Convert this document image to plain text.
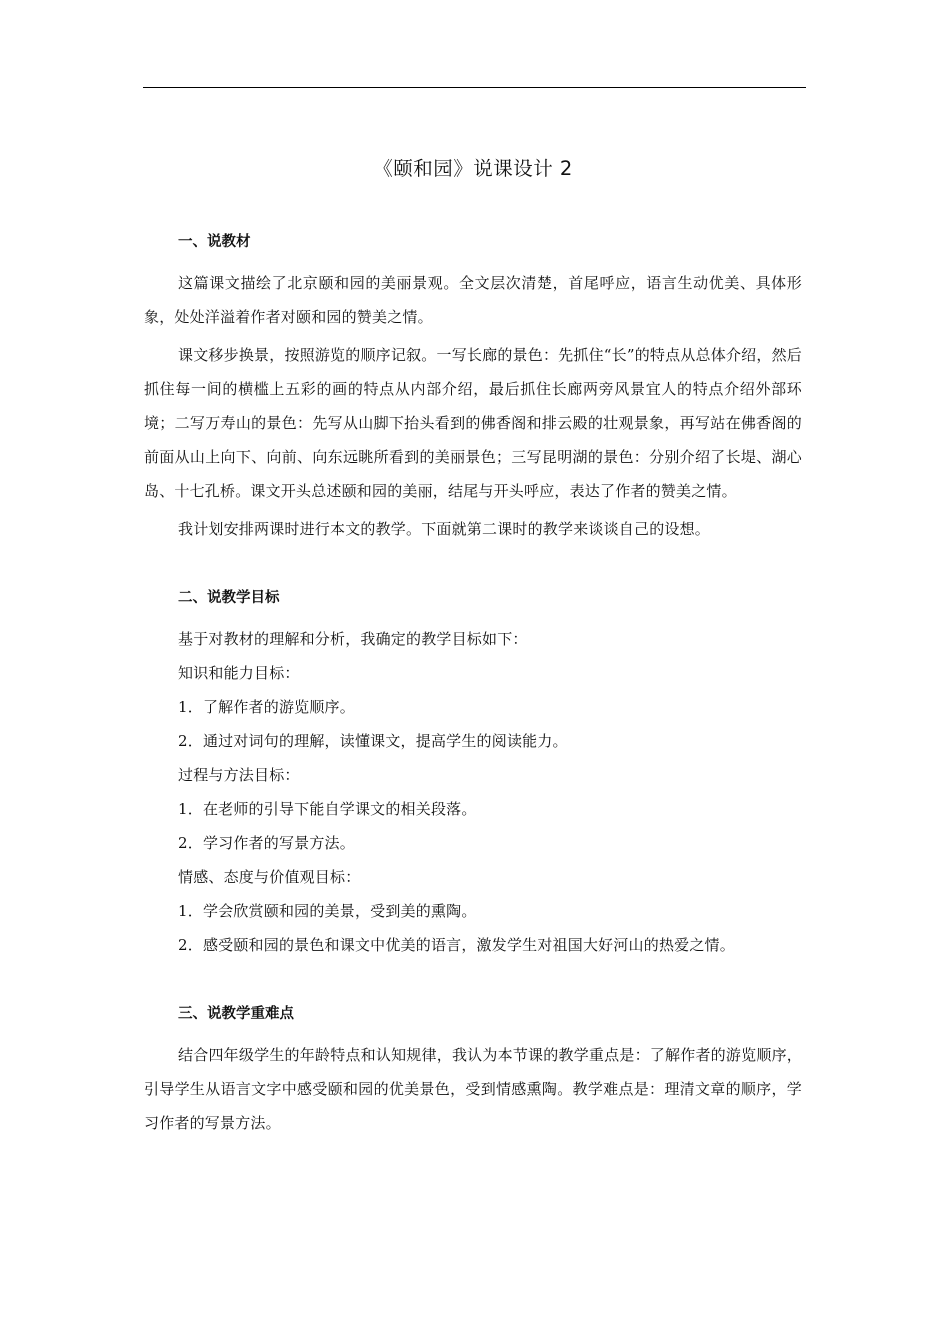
《颐和园》说课设计 2
一、说教材

这篇课文描绘了北京颐和园的美丽景观。全文层次清楚，首尾呼应，语言生动优美、具体形象，处处洋溢着作者对颐和园的赞美之情。

课文移步换景，按照游览的顺序记叙。一写长廊的景色：先抓住“长”的特点从总体介绍，然后抓住每一间的横槛上五彩的画的特点从内部介绍，最后抓住长廊两旁风景宜人的特点介绍外部环境；二写万寿山的景色：先写从山脚下抬头看到的佛香阁和排云殿的壮观景象，再写站在佛香阁的前面从山上向下、向前、向东远眺所看到的美丽景色；三写昆明湖的景色：分别介绍了长堤、湖心岛、十七孔桥。课文开头总述颐和园的美丽，结尾与开头呼应，表达了作者的赞美之情。

我计划安排两课时进行本文的教学。下面就第二课时的教学来谈谈自己的设想。

二、说教学目标

基于对教材的理解和分析，我确定的教学目标如下：

知识和能力目标：

1．了解作者的游览顺序。

2．通过对词句的理解，读懂课文，提高学生的阅读能力。

过程与方法目标：

1．在老师的引导下能自学课文的相关段落。

2．学习作者的写景方法。

情感、态度与价值观目标：

1．学会欣赏颐和园的美景，受到美的熏陶。

2．感受颐和园的景色和课文中优美的语言，激发学生对祖国大好河山的热爱之情。

三、说教学重难点

结合四年级学生的年龄特点和认知规律，我认为本节课的教学重点是：了解作者的游览顺序，引导学生从语言文字中感受颐和园的优美景色，受到情感熏陶。教学难点是：理清文章的顺序，学习作者的写景方法。
